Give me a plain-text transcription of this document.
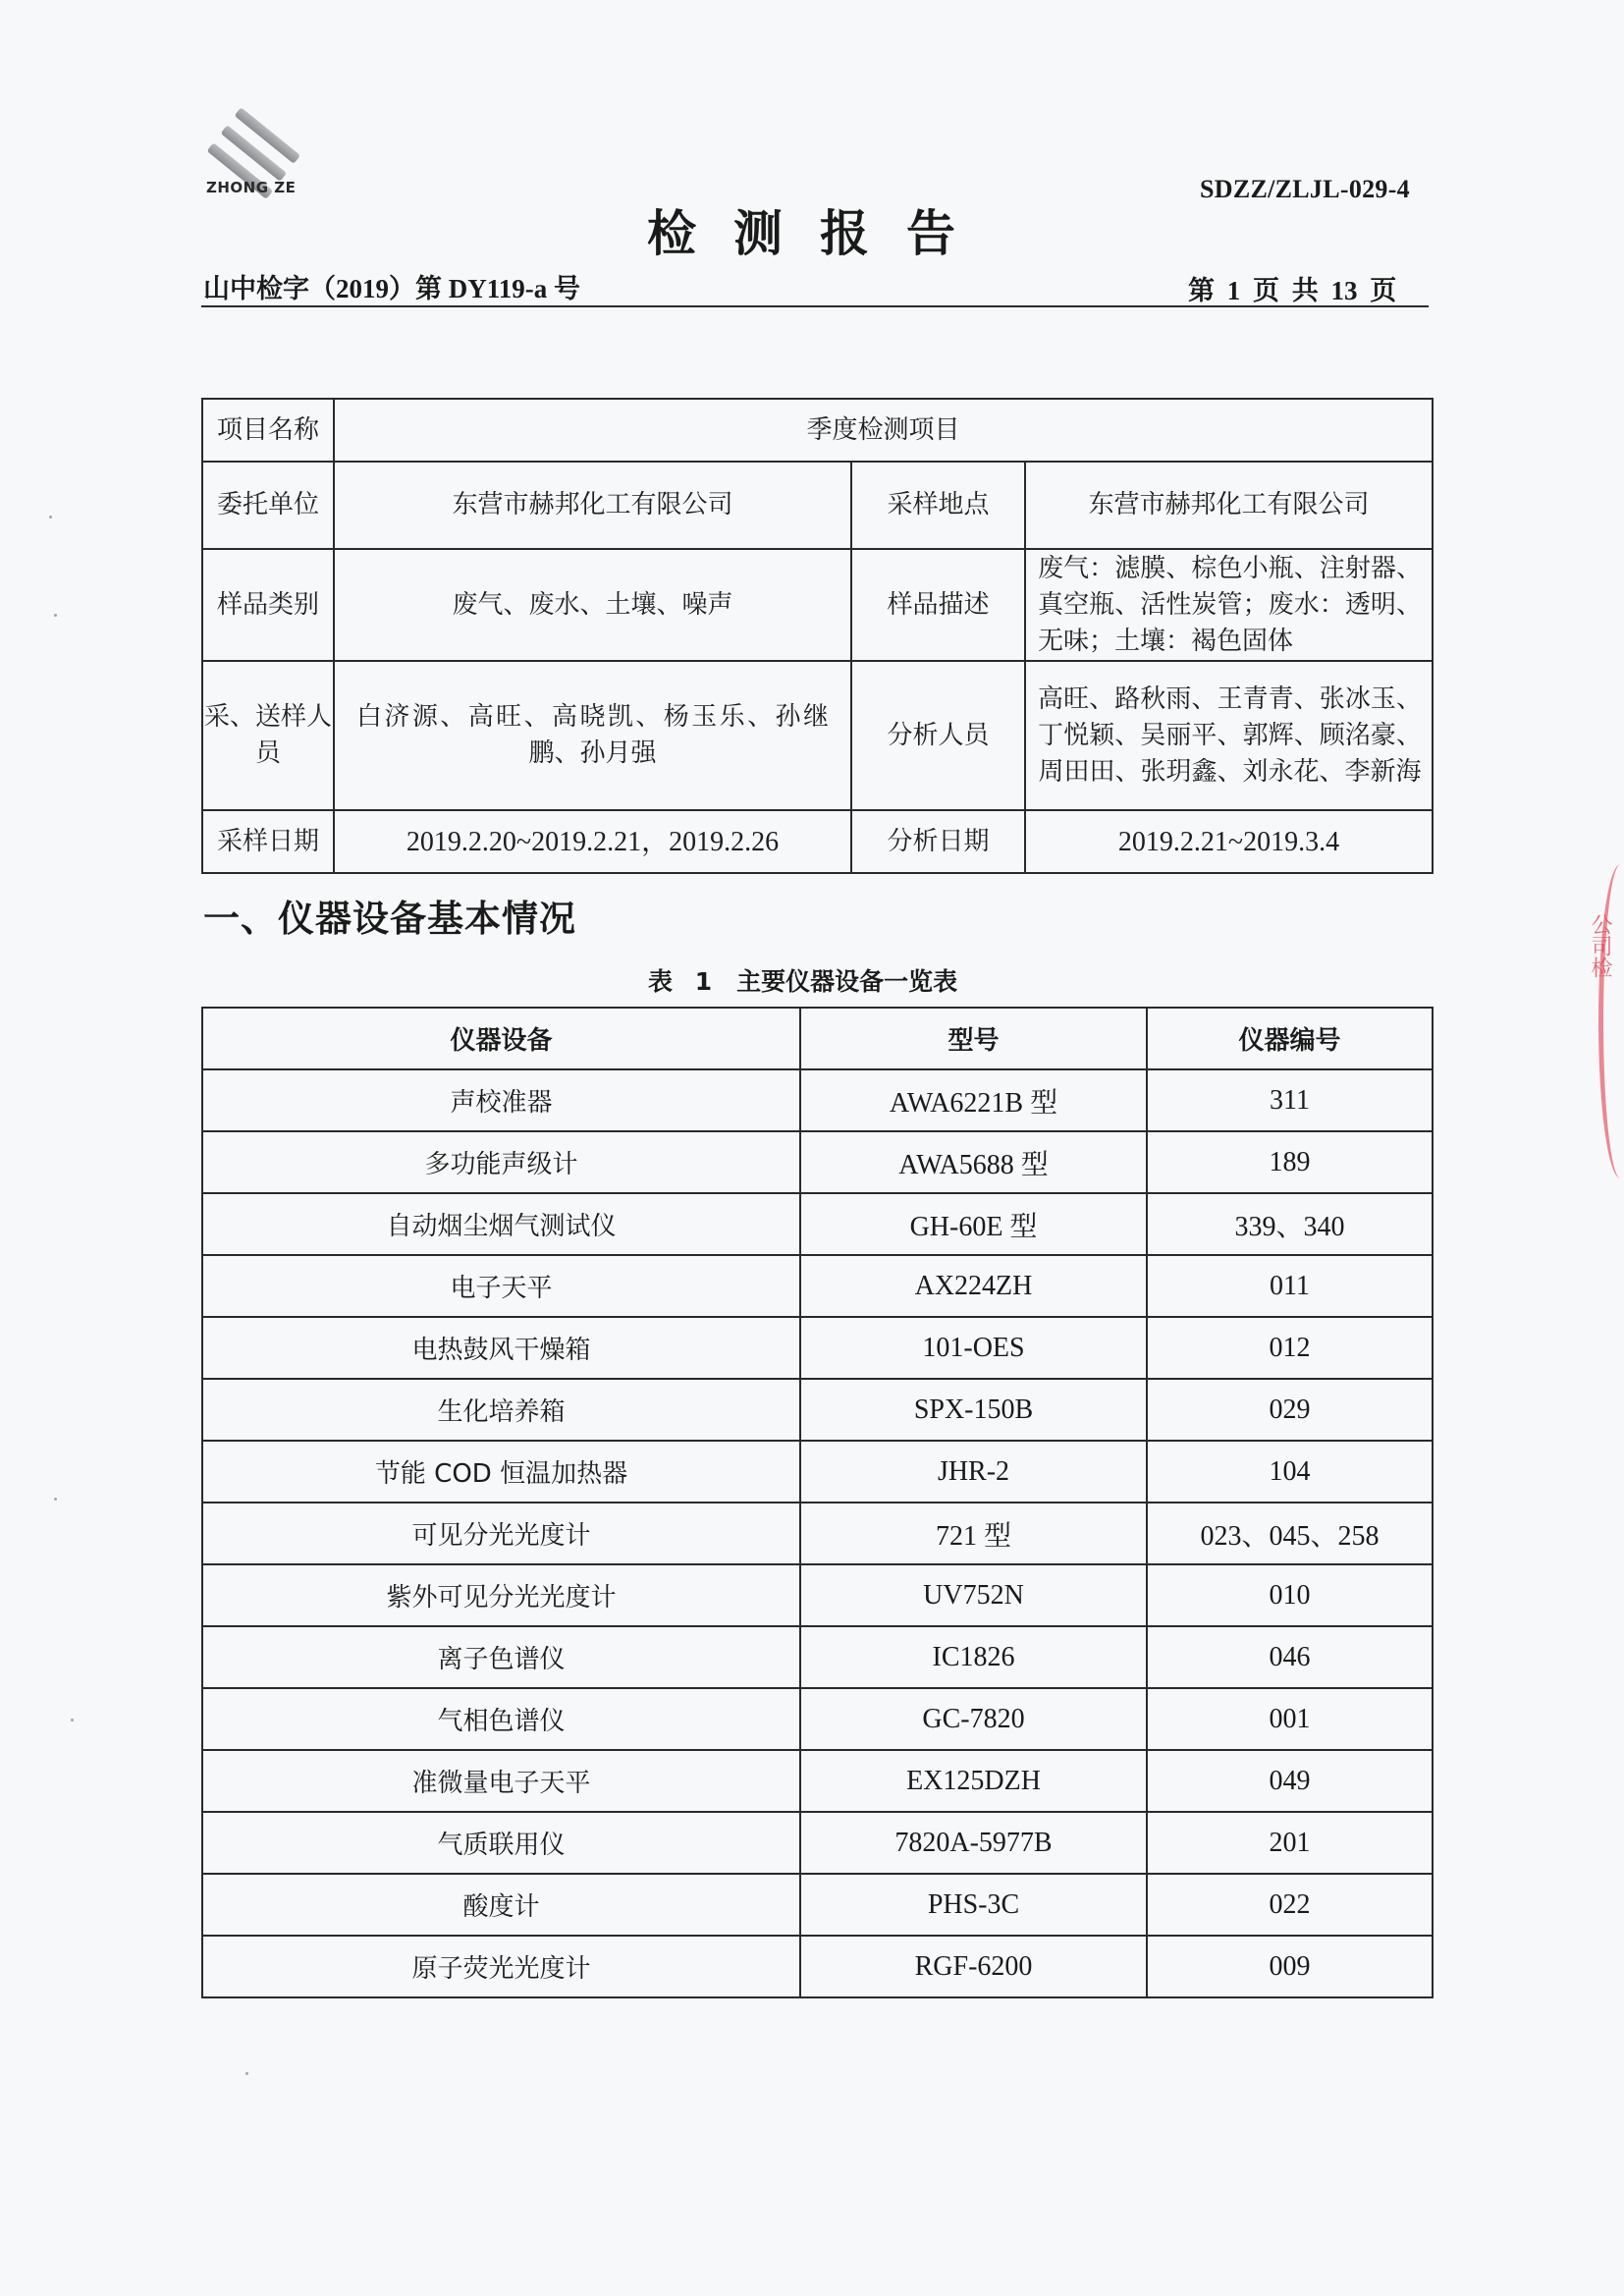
ZHONG ZE	SDZZ/ZLJL-029-4
检测报告
山中检字（2019）第 DY119-a 号	第 1 页 共 13 页
项目名称	季度检测项目		
委托单位	东营市赫邦化工有限公司	采样地点	东营市赫邦化工有限公司
样品类别	废气、废水、土壤、噪声	样品描述	废气：滤膜、棕色小瓶、注射器、真空瓶、活性炭管；废水：透明、无味；土壤：褐色固体
采、送样人员	白济源、高旺、高晓凯、杨玉乐、孙继鹏、孙月强	分析人员	高旺、路秋雨、王青青、张冰玉、丁悦颖、吴丽平、郭辉、顾洺豪、周田田、张玥鑫、刘永花、李新海
采样日期	2019.2.20~2019.2.21，2019.2.26	分析日期	2019.2.21~2019.3.4
一、仪器设备基本情况
表 1　主要仪器设备一览表
仪器设备	型号	仪器编号
声校准器	AWA6221B 型	311
多功能声级计	AWA5688 型	189
自动烟尘烟气测试仪	GH-60E 型	339、340
电子天平	AX224ZH	011
电热鼓风干燥箱	101-OES	012
生化培养箱	SPX-150B	029
节能 COD 恒温加热器	JHR-2	104
可见分光光度计	721 型	023、045、258
紫外可见分光光度计	UV752N	010
离子色谱仪	IC1826	046
气相色谱仪	GC-7820	001
准微量电子天平	EX125DZH	049
气质联用仪	7820A-5977B	201
酸度计	PHS-3C	022
原子荧光光度计	RGF-6200	009
公司检
